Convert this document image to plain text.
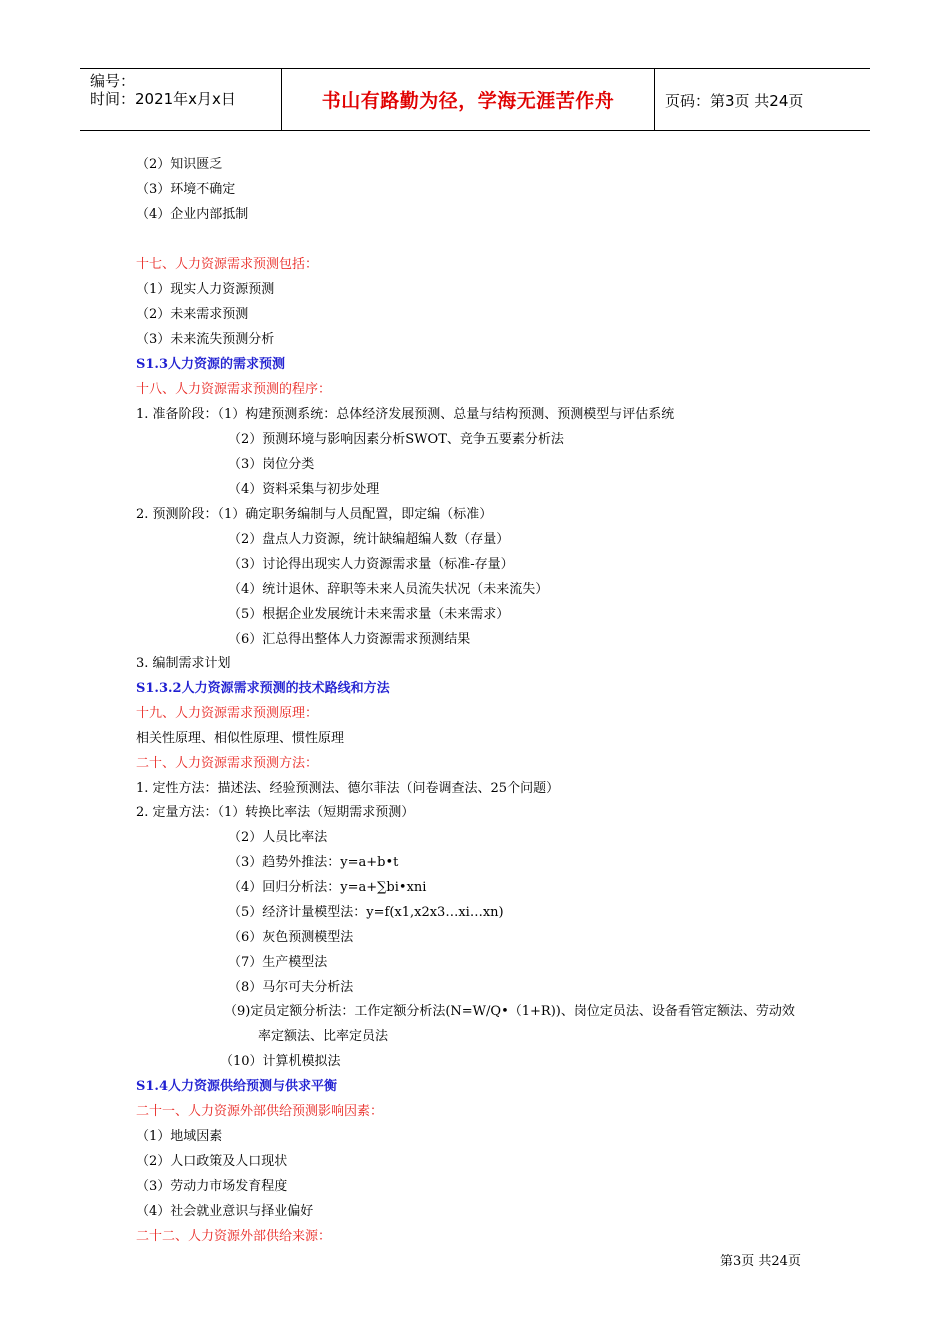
编号：
时间：2021年x月x日	书山有路勤为径，学海无涯苦作舟	页码：第3页 共24页
（2）知识匮乏
（3）环境不确定
（4）企业内部抵制
十七、人力资源需求预测包括：
（1）现实人力资源预测
（2）未来需求预测
（3）未来流失预测分析
S1.3人力资源的需求预测
十八、人力资源需求预测的程序：
1. 准备阶段：（1）构建预测系统：总体经济发展预测、总量与结构预测、预测模型与评估系统
（2）预测环境与影响因素分析SWOT、竞争五要素分析法
（3）岗位分类
（4）资料采集与初步处理
2. 预测阶段：（1）确定职务编制与人员配置，即定编（标准）
（2）盘点人力资源，统计缺编超编人数（存量）
（3）讨论得出现实人力资源需求量（标准-存量）
（4）统计退休、辞职等未来人员流失状况（未来流失）
（5）根据企业发展统计未来需求量（未来需求）
（6）汇总得出整体人力资源需求预测结果
3. 编制需求计划
S1.3.2人力资源需求预测的技术路线和方法
十九、人力资源需求预测原理：
相关性原理、相似性原理、惯性原理
二十、人力资源需求预测方法：
1. 定性方法：描述法、经验预测法、德尔菲法（问卷调查法、25个问题）
2. 定量方法：（1）转换比率法（短期需求预测）
（2）人员比率法
（3）趋势外推法：y=a+b•t
（4）回归分析法：y=a+∑bi•xni
（5）经济计量模型法：y=f(x1,x2x3…xi…xn)
（6）灰色预测模型法
（7）生产模型法
（8）马尔可夫分析法
（9)定员定额分析法：工作定额分析法(N=W/Q•（1+R))、岗位定员法、设备看管定额法、劳动效
率定额法、比率定员法
（10）计算机模拟法
S1.4人力资源供给预测与供求平衡
二十一、人力资源外部供给预测影响因素：
（1）地域因素
（2）人口政策及人口现状
（3）劳动力市场发育程度
（4）社会就业意识与择业偏好
二十二、人力资源外部供给来源：
第3页 共24页
